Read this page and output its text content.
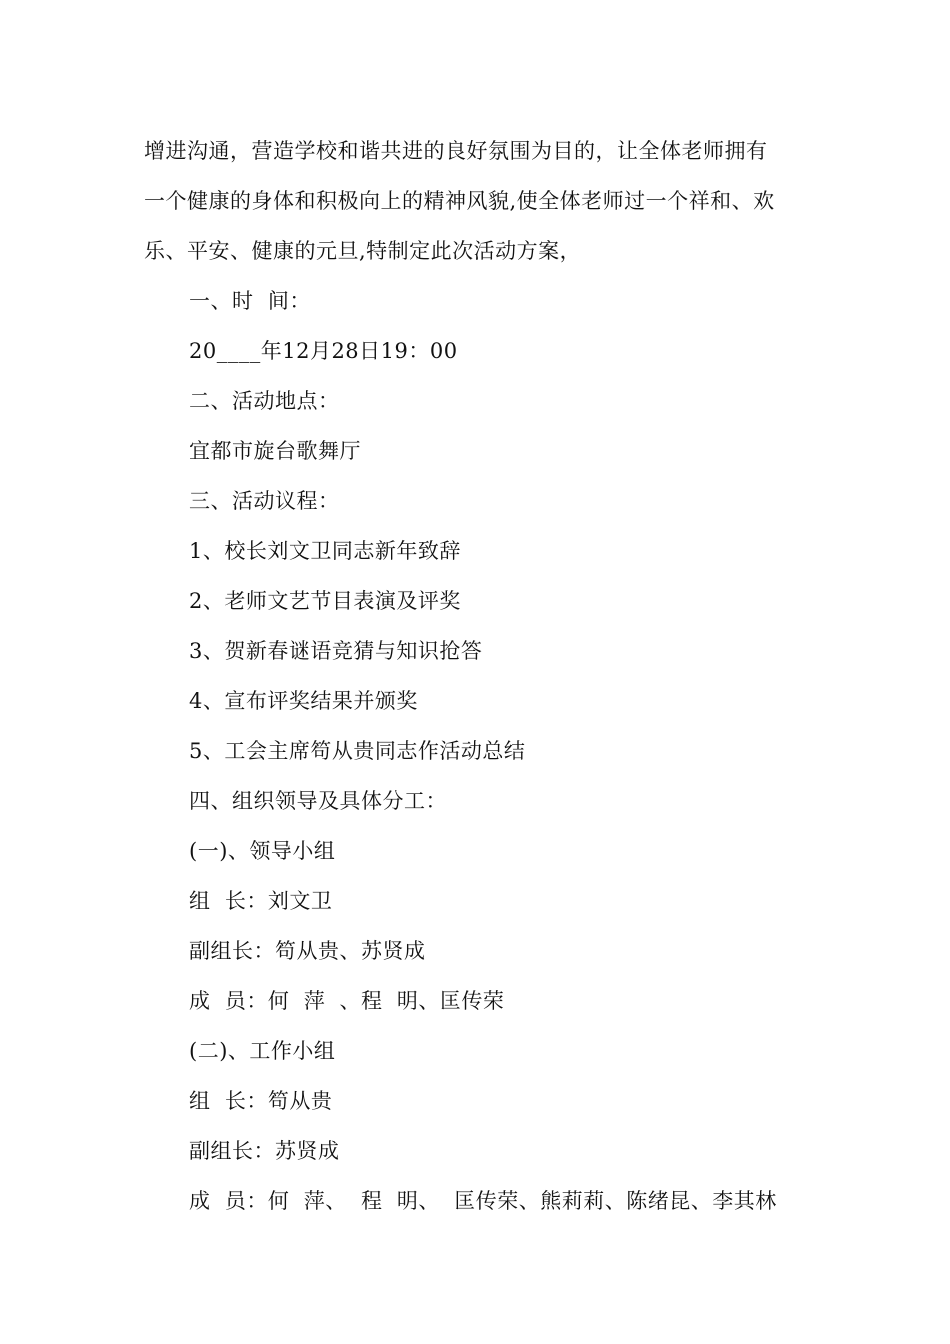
增进沟通，营造学校和谐共进的良好氛围为目的，让全体老师拥有
一个健康的身体和积极向上的精神风貌,使全体老师过一个祥和、欢
乐、平安、健康的元旦,特制定此次活动方案，
一、时  间：
20____年12月28日19：00
二、活动地点：
宜都市旋台歌舞厅
三、活动议程：
1、校长刘文卫同志新年致辞
2、老师文艺节目表演及评奖
3、贺新春谜语竞猜与知识抢答
4、宣布评奖结果并颁奖
5、工会主席笱从贵同志作活动总结
四、组织领导及具体分工：
(一)、领导小组
组  长：刘文卫
副组长：笱从贵、苏贤成
成  员：何  萍  、程  明、匡传荣
(二)、工作小组
组  长：笱从贵
副组长：苏贤成
成  员：何  萍、  程  明、  匡传荣、熊莉莉、陈绪昆、李其林
